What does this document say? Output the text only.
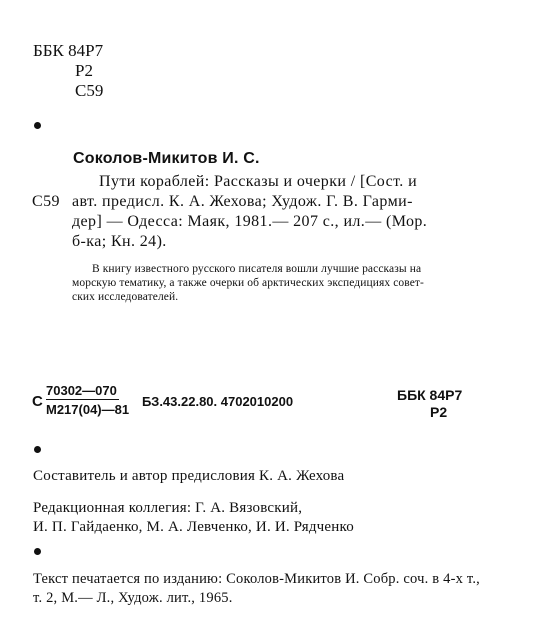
ББК 84Р7
Р2
С59
Соколов-Микитов И. С.
С59
Пути кораблей: Рассказы и очерки / [Сост. и
авт. предисл. К. А. Жехова; Худож. Г. В. Гарми-
дер] — Одесса: Маяк, 1981.— 207 с., ил.— (Мор.
б-ка; Кн. 24).
В книгу известного русского писателя вошли лучшие рассказы на
морскую тематику, а также очерки об арктических экспедициях совет-
ских исследователей.
С
70302—070
М217(04)—81
БЗ.43.22.80. 4702010200	ББК 84Р7
Р2
Составитель и автор предисловия К. А. Жехова
Редакционная коллегия: Г. А. Вязовский,
И. П. Гайдаенко, М. А. Левченко, И. И. Рядченко
Текст печатается по изданию: Соколов-Микитов И. Собр. соч. в 4-х т.,
т. 2, М.— Л., Худож. лит., 1965.
